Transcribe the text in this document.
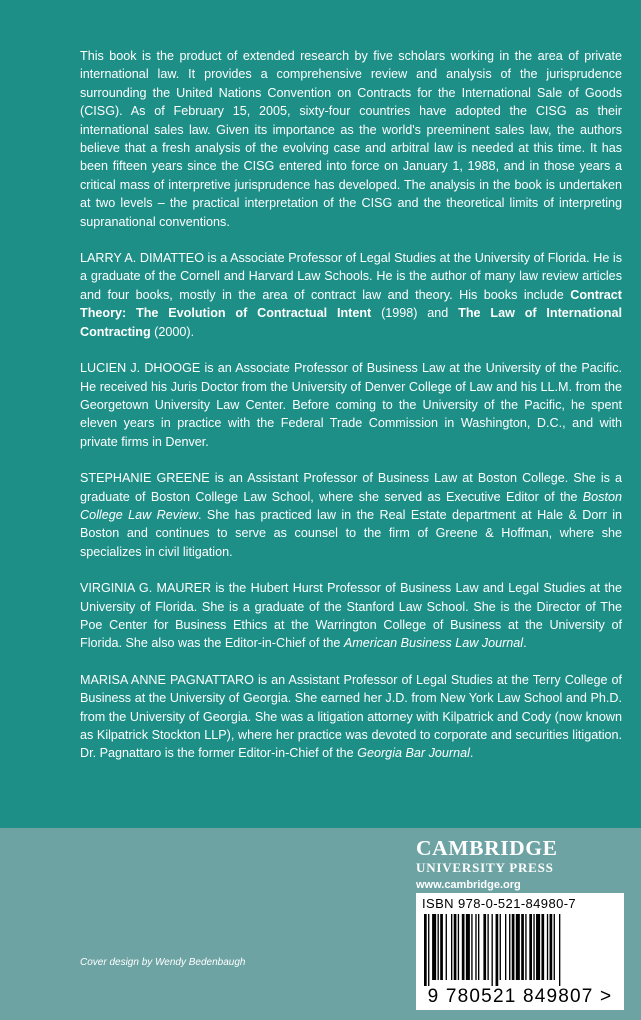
This book is the product of extended research by five scholars working in the area of private international law. It provides a comprehensive review and analysis of the jurisprudence surrounding the United Nations Convention on Contracts for the International Sale of Goods (CISG). As of February 15, 2005, sixty-four countries have adopted the CISG as their international sales law. Given its importance as the world's preeminent sales law, the authors believe that a fresh analysis of the evolving case and arbitral law is needed at this time. It has been fifteen years since the CISG entered into force on January 1, 1988, and in those years a critical mass of interpretive jurisprudence has developed. The analysis in the book is undertaken at two levels – the practical interpretation of the CISG and the theoretical limits of interpreting supranational conventions.

LARRY A. DIMATTEO is a Associate Professor of Legal Studies at the University of Florida. He is a graduate of the Cornell and Harvard Law Schools. He is the author of many law review articles and four books, mostly in the area of contract law and theory. His books include Contract Theory: The Evolution of Contractual Intent (1998) and The Law of International Contracting (2000).

LUCIEN J. DHOOGE is an Associate Professor of Business Law at the University of the Pacific. He received his Juris Doctor from the University of Denver College of Law and his LL.M. from the Georgetown University Law Center. Before coming to the University of the Pacific, he spent eleven years in practice with the Federal Trade Commission in Washington, D.C., and with private firms in Denver.

STEPHANIE GREENE is an Assistant Professor of Business Law at Boston College. She is a graduate of Boston College Law School, where she served as Executive Editor of the Boston College Law Review. She has practiced law in the Real Estate department at Hale & Dorr in Boston and continues to serve as counsel to the firm of Greene & Hoffman, where she specializes in civil litigation.

VIRGINIA G. MAURER is the Hubert Hurst Professor of Business Law and Legal Studies at the University of Florida. She is a graduate of the Stanford Law School. She is the Director of The Poe Center for Business Ethics at the Warrington College of Business at the University of Florida. She also was the Editor-in-Chief of the American Business Law Journal.

MARISA ANNE PAGNATTARO is an Assistant Professor of Legal Studies at the Terry College of Business at the University of Georgia. She earned her J.D. from New York Law School and Ph.D. from the University of Georgia. She was a litigation attorney with Kilpatrick and Cody (now known as Kilpatrick Stockton LLP), where her practice was devoted to corporate and securities litigation. Dr. Pagnattaro is the former Editor-in-Chief of the Georgia Bar Journal.

CAMBRIDGE
UNIVERSITY PRESS
www.cambridge.org
ISBN 978-0-521-84980-7
9 780521 849807 >
Cover design by Wendy Bedenbaugh
